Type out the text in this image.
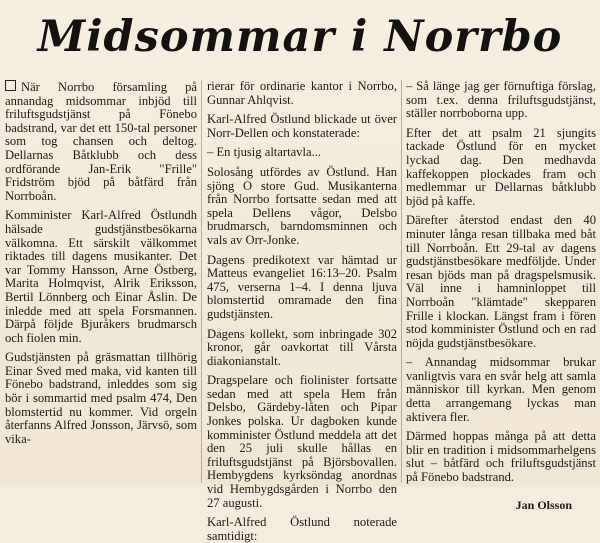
Midsommar i Norrbo

När Norrbo församling på annandag midsommar inbjöd till friluftsgudstjänst på Fönebo badstrand, var det ett 150-tal personer som tog chansen och deltog. Dellarnas Båtklubb och dess ordförande Jan-Erik "Frille" Fridström bjöd på båtfärd från Norrboån.

Komminister Karl-Alfred Östlundh hälsade gudstjänstbesökarna välkomna. Ett särskilt välkommet riktades till dagens musikanter. Det var Tommy Hansson, Arne Östberg, Marita Holmqvist, Alrik Eriksson, Bertil Lönnberg och Einar Åslin. De inledde med att spela Forsmannen. Därpå följde Bjuråkers brudmarsch och fiolen min.

Gudstjänsten på gräsmattan tillhörig Einar Sved med maka, vid kanten till Fönebo badstrand, inleddes som sig bör i sommartid med psalm 474, Den blomstertid nu kommer. Vid orgeln återfanns Alfred Jonsson, Järvsö, som vika-

rierar för ordinarie kantor i Norrbo, Gunnar Ahlqvist.

Karl-Alfred Östlund blickade ut över Norr-Dellen och konstaterade:

– En tjusig altartavla...

Solosång utfördes av Östlund. Han sjöng O store Gud. Musikanterna från Norrbo fortsatte sedan med att spela Dellens vågor, Delsbo brudmarsch, barndomsminnen och vals av Orr-Jonke.

Dagens predikotext var hämtad ur Matteus evangeliet 16:13–20. Psalm 475, verserna 1–4. I denna ljuva blomstertid omramade den fina gudstjänsten.

Dagens kollekt, som inbringade 302 kronor, går oavkortat till Vårsta diakonianstalt.

Dragspelare och fiolinister fortsatte sedan med att spela Hem från Delsbo, Gärdeby-låten och Pipar Jonkes polska. Ur dagboken kunde komminister Östlund meddela att det den 25 juli skulle hållas en friluftsgudstjänst på Björsbovallen. Hembygdens kyrksöndag anordnas vid Hembygdsgården i Norrbo den 27 augusti.

Karl-Alfred Östlund noterade samtidigt:

– Så länge jag ger förnuftiga förslag, som t.ex. denna friluftsgudstjänst, ställer norrboborna upp.

Efter det att psalm 21 sjungits tackade Östlund för en mycket lyckad dag. Den medhavda kaffekoppen plockades fram och medlemmar ur Dellarnas båtklubb bjöd på kaffe.

Därefter återstod endast den 40 minuter långa resan tillbaka med båt till Norrboån. Ett 29-tal av dagens gudstjänstbesökare medföljde. Under resan bjöds man på dragspelsmusik. Väl inne i hamninloppet till Norrboån "klämtade" skepparen Frille i klockan. Längst fram i fören stod komminister Östlund och en rad nöjda gudstjänstbesökare.

– Annandag midsommar brukar vanligtvis vara en svår helg att samla människor till kyrkan. Men genom detta arrangemang lyckas man aktivera fler.

Därmed hoppas många på att detta blir en tradition i midsommarhelgens slut – båtfärd och friluftsgudstjänst på Fönebo badstrand.

Jan Olsson
